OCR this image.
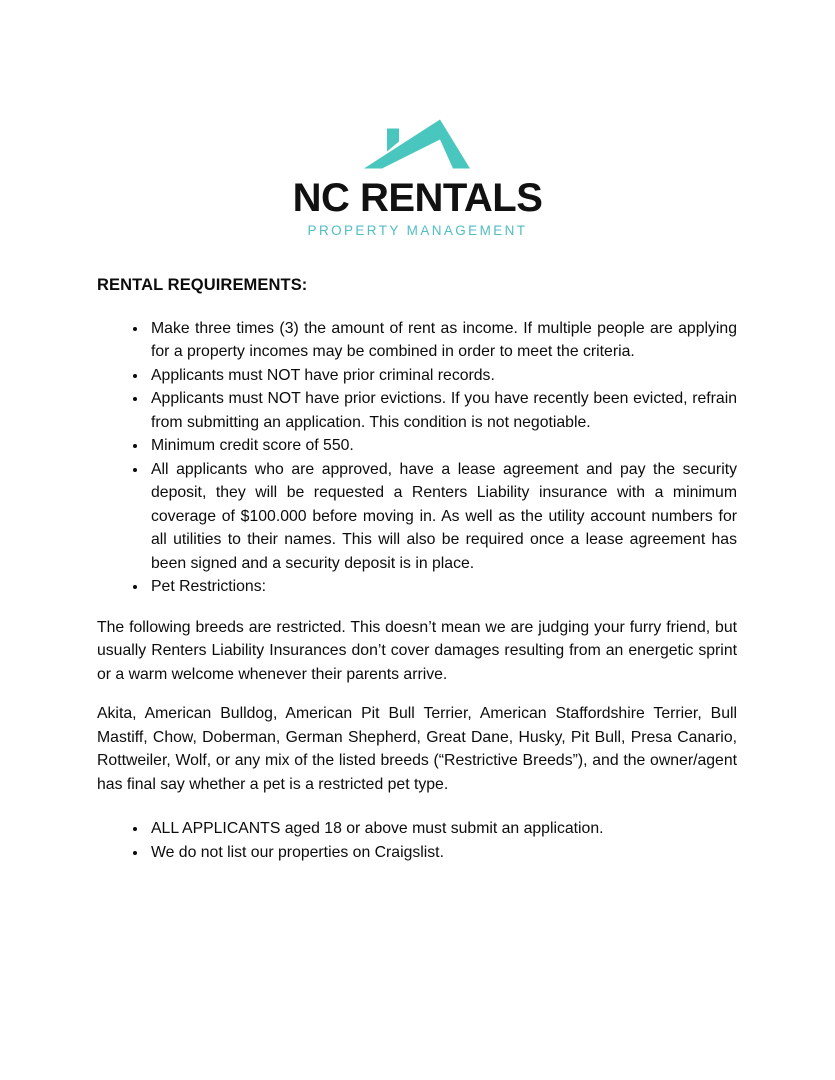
NC RENTALS
PROPERTY MANAGEMENT
RENTAL REQUIREMENTS:
• Make three times (3) the amount of rent as income. If multiple people are applying for a property incomes may be combined in order to meet the criteria.
• Applicants must NOT have prior criminal records.
• Applicants must NOT have prior evictions. If you have recently been evicted, refrain from submitting an application. This condition is not negotiable.
• Minimum credit score of 550.
• All applicants who are approved, have a lease agreement and pay the security deposit, they will be requested a Renters Liability insurance with a minimum coverage of $100.000 before moving in. As well as the utility account numbers for all utilities to their names. This will also be required once a lease agreement has been signed and a security deposit is in place.
• Pet Restrictions:

The following breeds are restricted. This doesn’t mean we are judging your furry friend, but usually Renters Liability Insurances don’t cover damages resulting from an energetic sprint or a warm welcome whenever their parents arrive.

Akita, American Bulldog, American Pit Bull Terrier, American Staffordshire Terrier, Bull Mastiff, Chow, Doberman, German Shepherd, Great Dane, Husky, Pit Bull, Presa Canario, Rottweiler, Wolf, or any mix of the listed breeds (“Restrictive Breeds”), and the owner/agent has final say whether a pet is a restricted pet type.

• ALL APPLICANTS aged 18 or above must submit an application.
• We do not list our properties on Craigslist.
